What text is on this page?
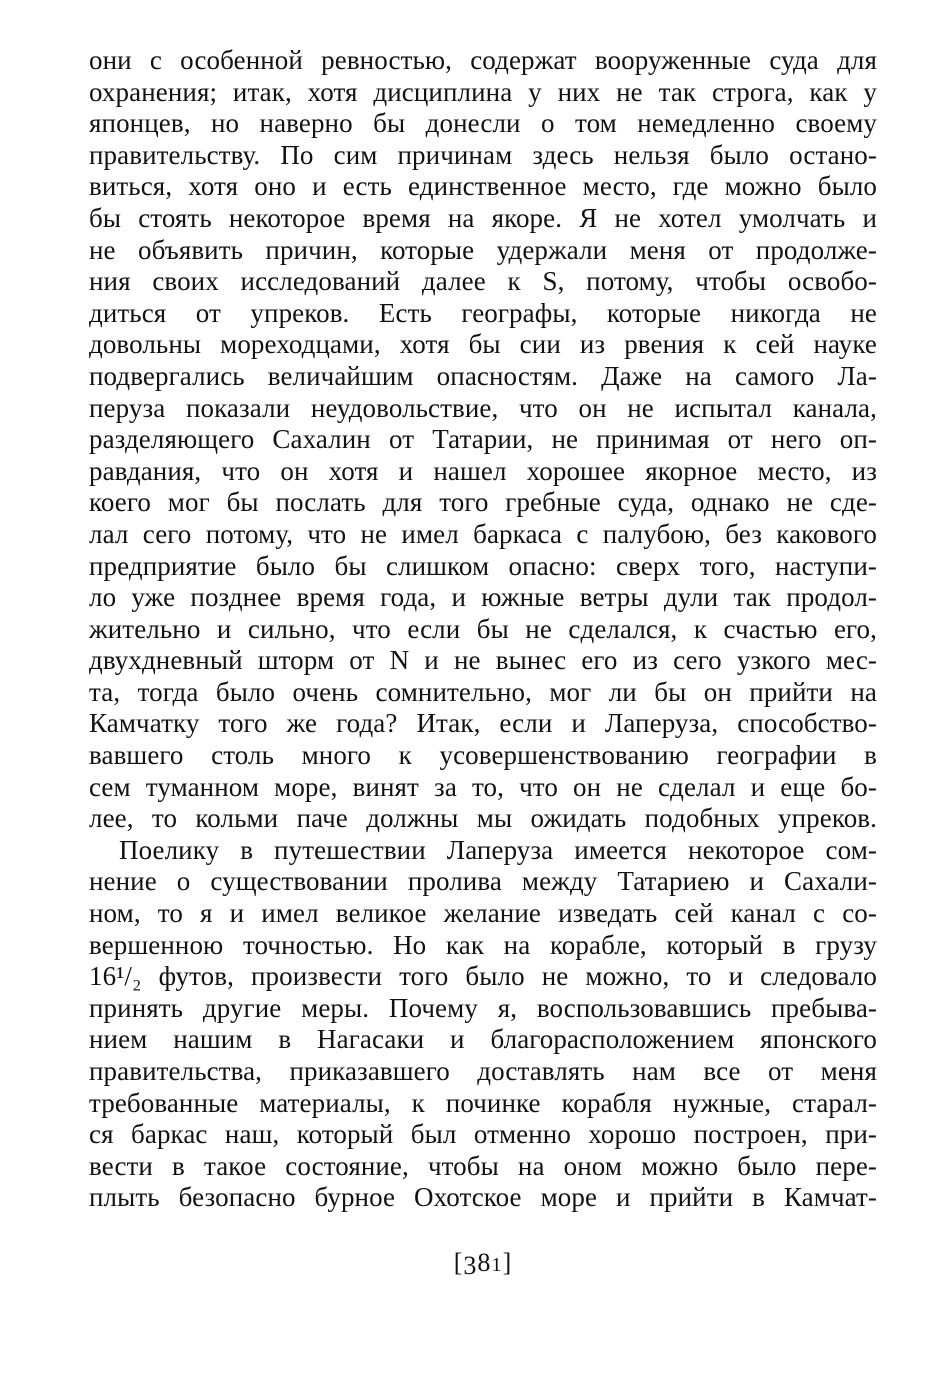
они с особенной ревностью, содержат вооруженные суда для
охранения; итак, хотя дисциплина у них не так строга, как у
японцев, но наверно бы донесли о том немедленно своему
правительству. По сим причинам здесь нельзя было остано-
виться, хотя оно и есть единственное место, где можно было
бы стоять некоторое время на якоре. Я не хотел умолчать и
не объявить причин, которые удержали меня от продолже-
ния своих исследований далее к S, потому, чтобы освобо-
диться от упреков. Есть географы, которые никогда не
довольны мореходцами, хотя бы сии из рвения к сей науке
подвергались величайшим опасностям. Даже на самого Ла-
перуза показали неудовольствие, что он не испытал канала,
разделяющего Сахалин от Татарии, не принимая от него оп-
равдания, что он хотя и нашел хорошее якорное место, из
коего мог бы послать для того гребные суда, однако не сде-
лал сего потому, что не имел баркаса с палубою, без какового
предприятие было бы слишком опасно: сверх того, наступи-
ло уже позднее время года, и южные ветры дули так продол-
жительно и сильно, что если бы не сделался, к счастью его,
двухдневный шторм от N и не вынес его из сего узкого мес-
та, тогда было очень сомнительно, мог ли бы он прийти на
Камчатку того же года? Итак, если и Лаперуза, способство-
вавшего столь много к усовершенствованию географии в
сем туманном море, винят за то, что он не сделал и еще бо-
лее, то кольми паче должны мы ожидать подобных упреков.
Поелику в путешествии Лаперуза имеется некоторое сом-
нение о существовании пролива между Татариею и Сахали-
ном, то я и имел великое желание изведать сей канал с со-
вершенною точностью. Но как на корабле, который в грузу
16¹/₂ футов, произвести того было не можно, то и следовало
принять другие меры. Почему я, воспользовавшись пребыва-
нием нашим в Нагасаки и благорасположением японского
правительства, приказавшего доставлять нам все от меня
требованные материалы, к починке корабля нужные, старал-
ся баркас наш, который был отменно хорошо построен, при-
вести в такое состояние, чтобы на оном можно было пере-
плыть безопасно бурное Охотское море и прийти в Камчат-
[381]
